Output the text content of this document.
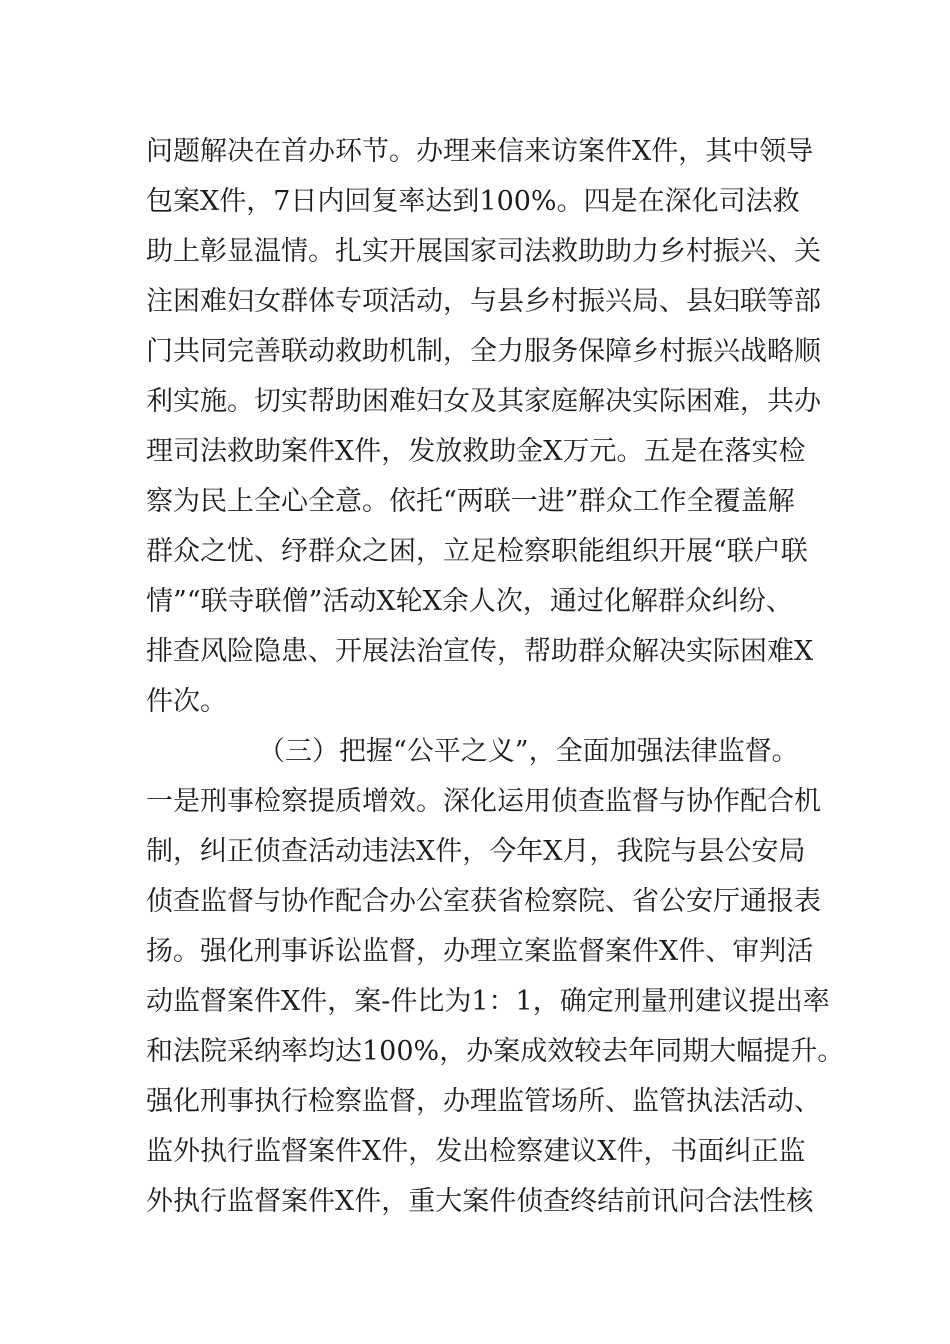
问题解决在首办环节。办理来信来访案件X件，其中领导
包案X件，7日内回复率达到100%。四是在深化司法救
助上彰显温情。扎实开展国家司法救助助力乡村振兴、关
注困难妇女群体专项活动，与县乡村振兴局、县妇联等部
门共同完善联动救助机制，全力服务保障乡村振兴战略顺
利实施。切实帮助困难妇女及其家庭解决实际困难，共办
理司法救助案件X件，发放救助金X万元。五是在落实检
察为民上全心全意。依托“两联一进”群众工作全覆盖解
群众之忧、纾群众之困，立足检察职能组织开展“联户联
情”“联寺联僧”活动X轮X余人次，通过化解群众纠纷、
排查风险隐患、开展法治宣传，帮助群众解决实际困难X
件次。
（三）把握“公平之义”，全面加强法律监督。
一是刑事检察提质增效。深化运用侦查监督与协作配合机
制，纠正侦查活动违法X件，今年X月，我院与县公安局
侦查监督与协作配合办公室获省检察院、省公安厅通报表
扬。强化刑事诉讼监督，办理立案监督案件X件、审判活
动监督案件X件，案-件比为1：1，确定刑量刑建议提出率
和法院采纳率均达100%，办案成效较去年同期大幅提升。
强化刑事执行检察监督，办理监管场所、监管执法活动、
监外执行监督案件X件，发出检察建议X件，书面纠正监
外执行监督案件X件，重大案件侦查终结前讯问合法性核
